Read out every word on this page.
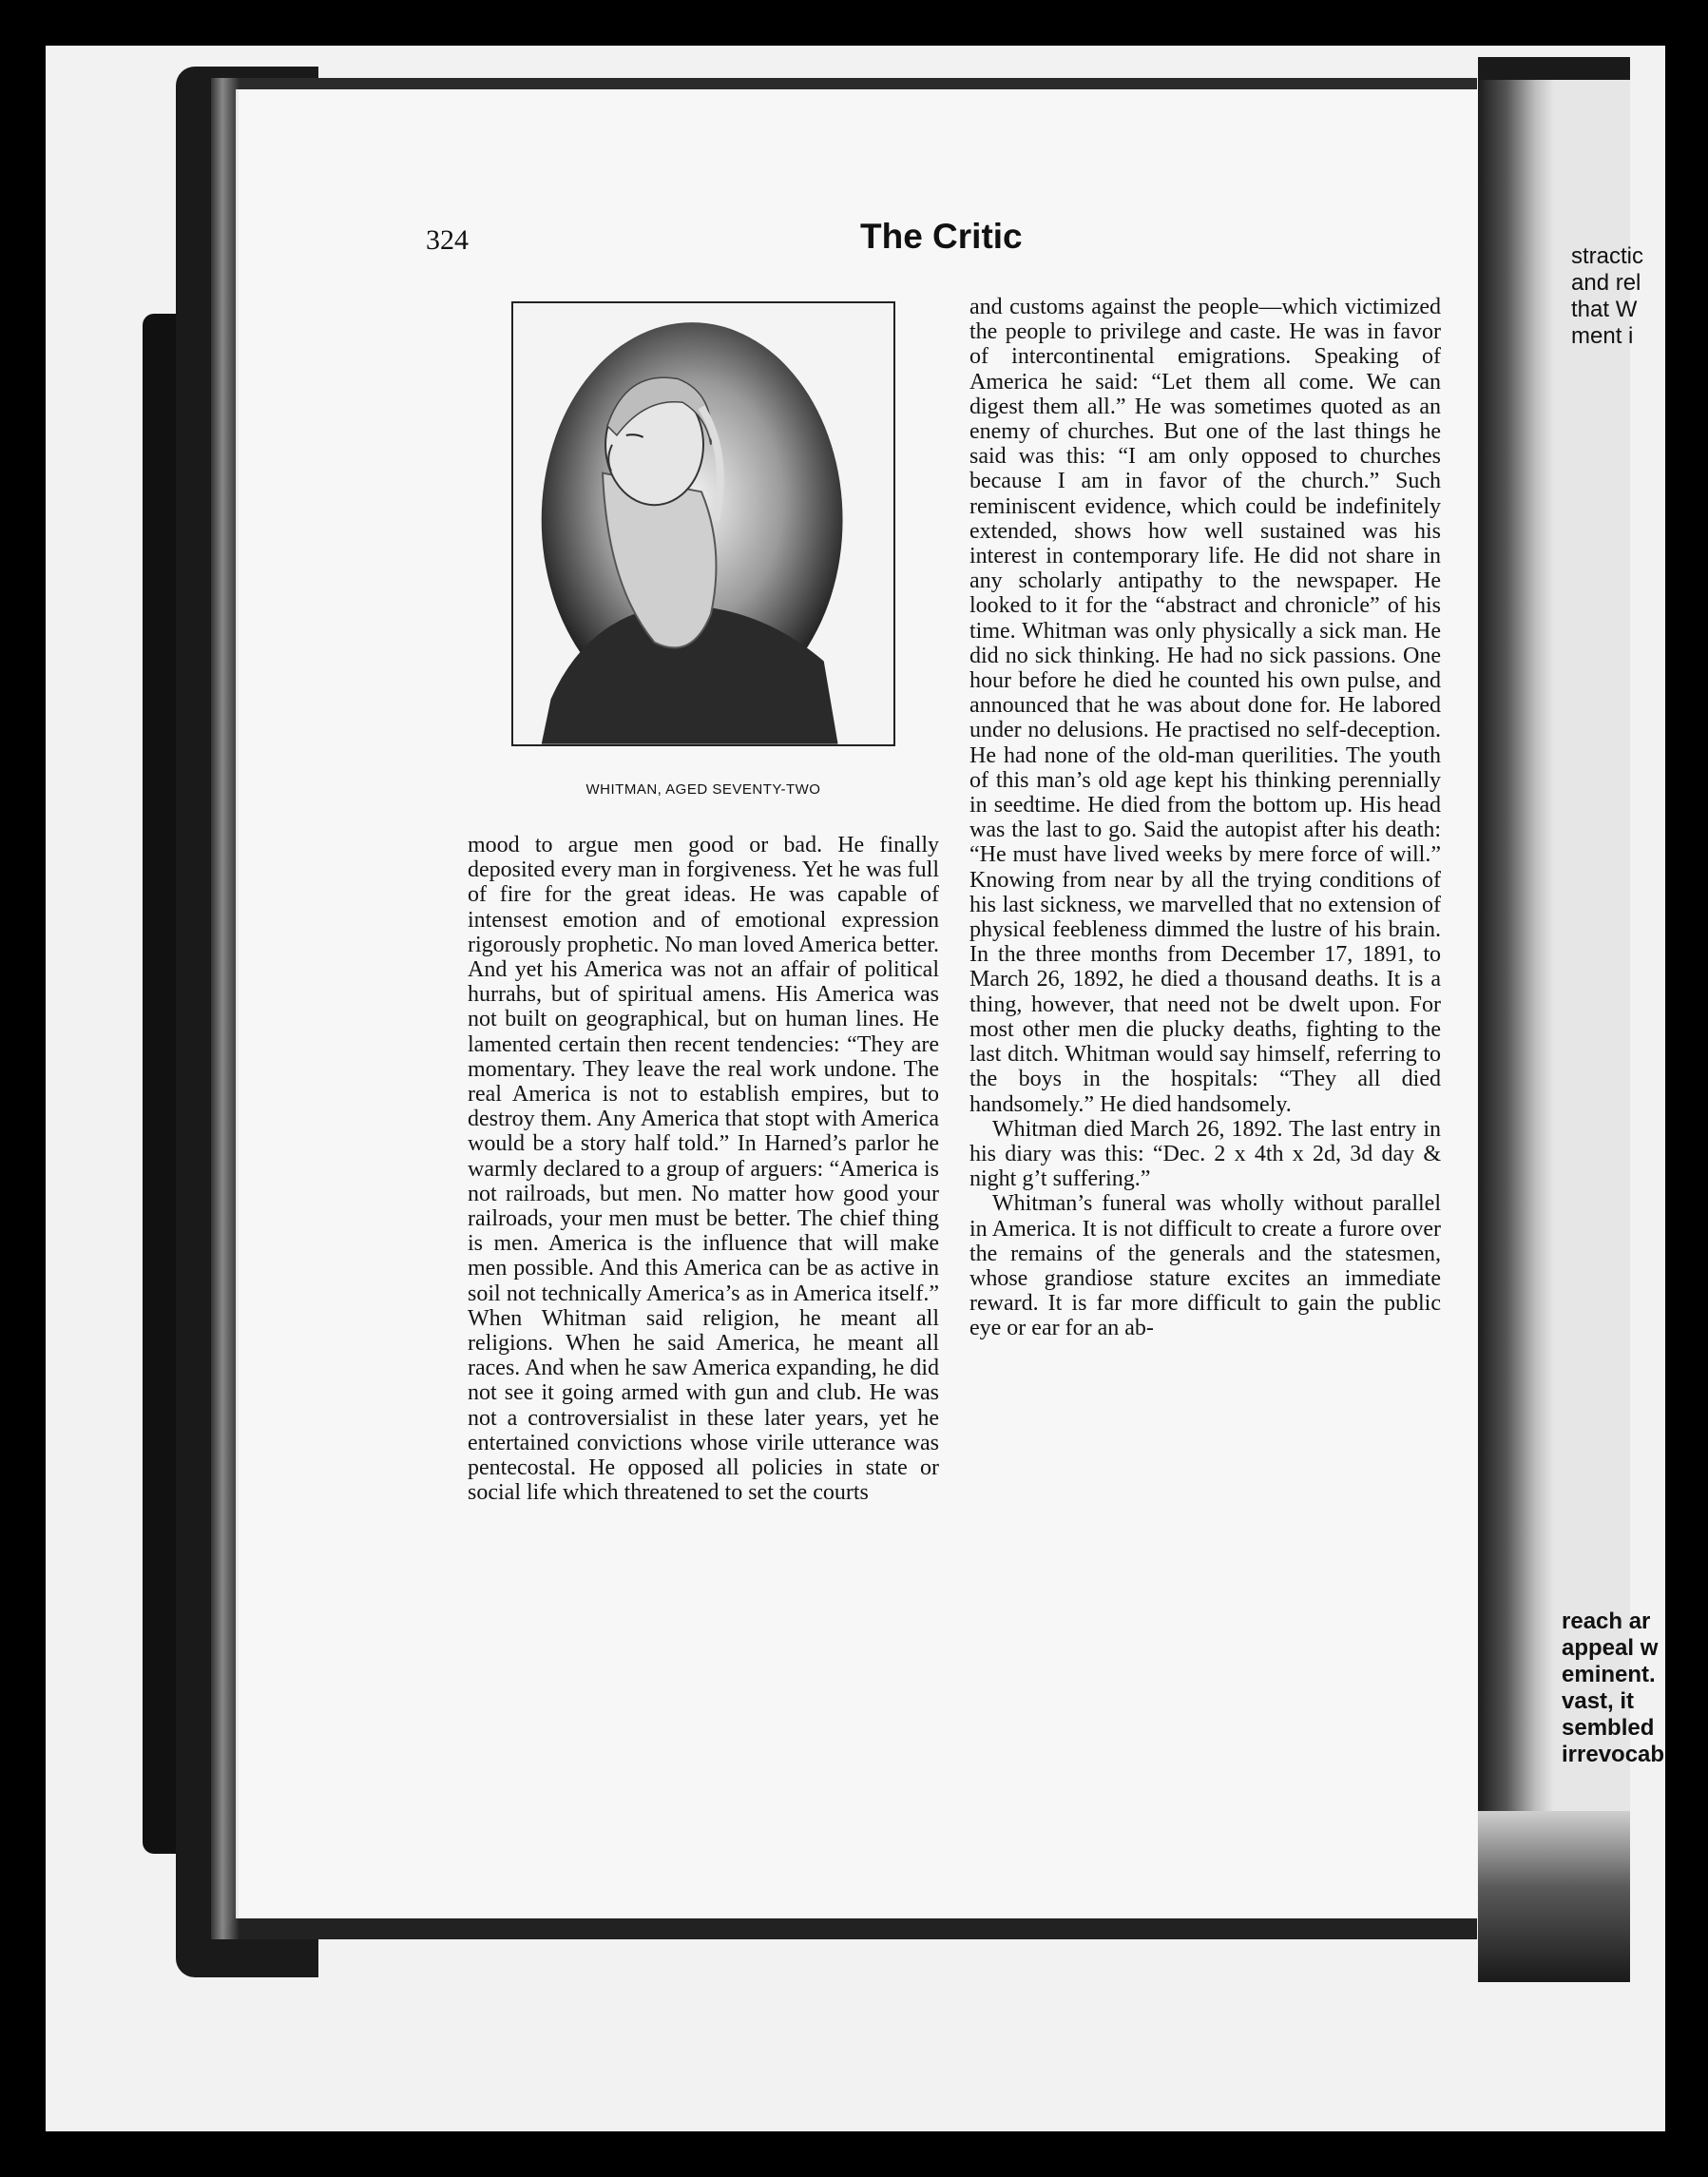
stractic
and rel
that W
ment i
reach ar
appeal w
eminent.
vast, it
sembled
irrevocab
324	The Critic
WHITMAN, AGED SEVENTY-TWO

mood to argue men good or bad. He finally deposited every man in forgiveness. Yet he was full of fire for the great ideas. He was capable of intensest emotion and of emotional expression rigorously prophetic. No man loved America better. And yet his America was not an affair of political hurrahs, but of spiritual amens. His America was not built on geographical, but on human lines. He lamented certain then recent tendencies: “They are momentary. They leave the real work undone. The real America is not to establish empires, but to destroy them. Any America that stopt with America would be a story half told.” In Harned’s parlor he warmly declared to a group of arguers: “America is not railroads, but men. No matter how good your railroads, your men must be better. The chief thing is men. America is the influence that will make men possible. And this America can be as active in soil not technically America’s as in America itself.” When Whitman said religion, he meant all religions. When he said America, he meant all races. And when he saw America expanding, he did not see it going armed with gun and club. He was not a controversialist in these later years, yet he entertained convictions whose virile utterance was pentecostal. He opposed all policies in state or social life which threatened to set the courts

and customs against the people—which victimized the people to privilege and caste. He was in favor of intercontinental emigrations. Speaking of America he said: “Let them all come. We can digest them all.” He was sometimes quoted as an enemy of churches. But one of the last things he said was this: “I am only opposed to churches because I am in favor of the church.” Such reminiscent evidence, which could be indefinitely extended, shows how well sustained was his interest in contemporary life. He did not share in any scholarly antipathy to the newspaper. He looked to it for the “abstract and chronicle” of his time. Whitman was only physically a sick man. He did no sick thinking. He had no sick passions. One hour before he died he counted his own pulse, and announced that he was about done for. He labored under no delusions. He practised no self-deception. He had none of the old-man querilities. The youth of this man’s old age kept his thinking perennially in seedtime. He died from the bottom up. His head was the last to go. Said the autopist after his death: “He must have lived weeks by mere force of will.” Knowing from near by all the trying conditions of his last sickness, we marvelled that no extension of physical feebleness dimmed the lustre of his brain. In the three months from December 17, 1891, to March 26, 1892, he died a thousand deaths. It is a thing, however, that need not be dwelt upon. For most other men die plucky deaths, fighting to the last ditch. Whitman would say himself, referring to the boys in the hospitals: “They all died handsomely.” He died handsomely.

Whitman died March 26, 1892. The last entry in his diary was this: “Dec. 2 x 4th x 2d, 3d day & night g’t suffering.”

Whitman’s funeral was wholly without parallel in America. It is not difficult to create a furore over the remains of the generals and the statesmen, whose grandiose stature excites an immediate reward. It is far more difficult to gain the public eye or ear for an ab-
